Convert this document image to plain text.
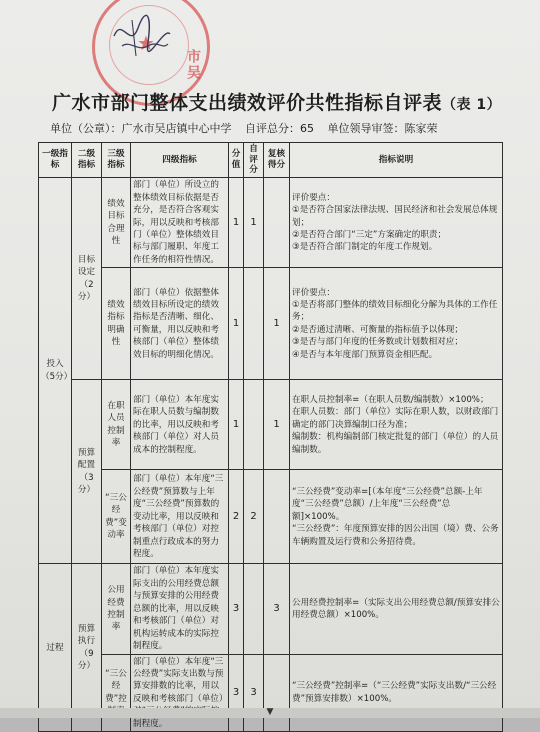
★
市吴
广水市部门整体支出绩效评价共性指标自评表（表 1）
单位（公章）：广水市吴店镇中心中学 自评总分：65 单位领导审签：陈家荣
一级指标	二级指标	三级指标	四级指标	分值	自评分	复核得分	指标说明
投入（5分）	目标设定（2分）	绩效目标合理性	部门（单位）所设立的整体绩效目标依据是否充分，是否符合客观实际，用以反映和考核部门（单位）整体绩效目标与部门履职、年度工作任务的相符性情况。	1	1		评价要点：
①是否符合国家法律法规、国民经济和社会发展总体规划；
②是否符合部门“三定”方案确定的职责；
③是否符合部门制定的年度工作规划。

		绩效指标明确性	部门（单位）依据整体绩效目标所设定的绩效指标是否清晰、细化、可衡量，用以反映和考核部门（单位）整体绩效目标的明细化情况。	1		1	评价要点：
①是否将部门整体的绩效目标细化分解为具体的工作任务；
②是否通过清晰、可衡量的指标值予以体现；
③是否与部门年度的任务数或计划数相对应；
④是否与本年度部门预算资金相匹配。

	预算配置（3分）	在职人员控制率	部门（单位）本年度实际在职人员数与编制数的比率，用以反映和考核部门（单位）对人员成本的控制程度。	1		1	在职人员控制率=（在职人员数/编制数）×100%；
在职人员数：部门（单位）实际在职人数，以财政部门确定的部门决算编制口径为准；
编制数：机构编制部门核定批复的部门（单位）的人员编制数。

		“三公经费”变动率	部门（单位）本年度“三公经费”预算数与上年度“三公经费”预算数的变动比率，用以反映和考核部门（单位）对控制重点行政成本的努力程度。	2	2		“三公经费”变动率=[（本年度“三公经费”总额-上年度“三公经费”总额）/上年度“三公经费”总额]×100%。
“三公经费”：年度预算安排的因公出国（境）费、公务车辆购置及运行费和公务招待费。

过程	预算执行（9分）	公用经费控制率	部门（单位）本年度实际支出的公用经费总额与预算安排的公用经费总额的比率，用以反映和考核部门（单位）对机构运转成本的实际控制程度。	3		3	公用经费控制率=（实际支出公用经费总额/预算安排公用经费总额）×100%。

		“三公经费”控	部门（单位）本年度“三公经费”实际支出数与预算安排数的比率，用以反映和考核部门（单位） 制程度。	3	3		“三公经费”控制率=（“三公经费”实际支出数/“三公经费”预算安排数）×100%。
▼
